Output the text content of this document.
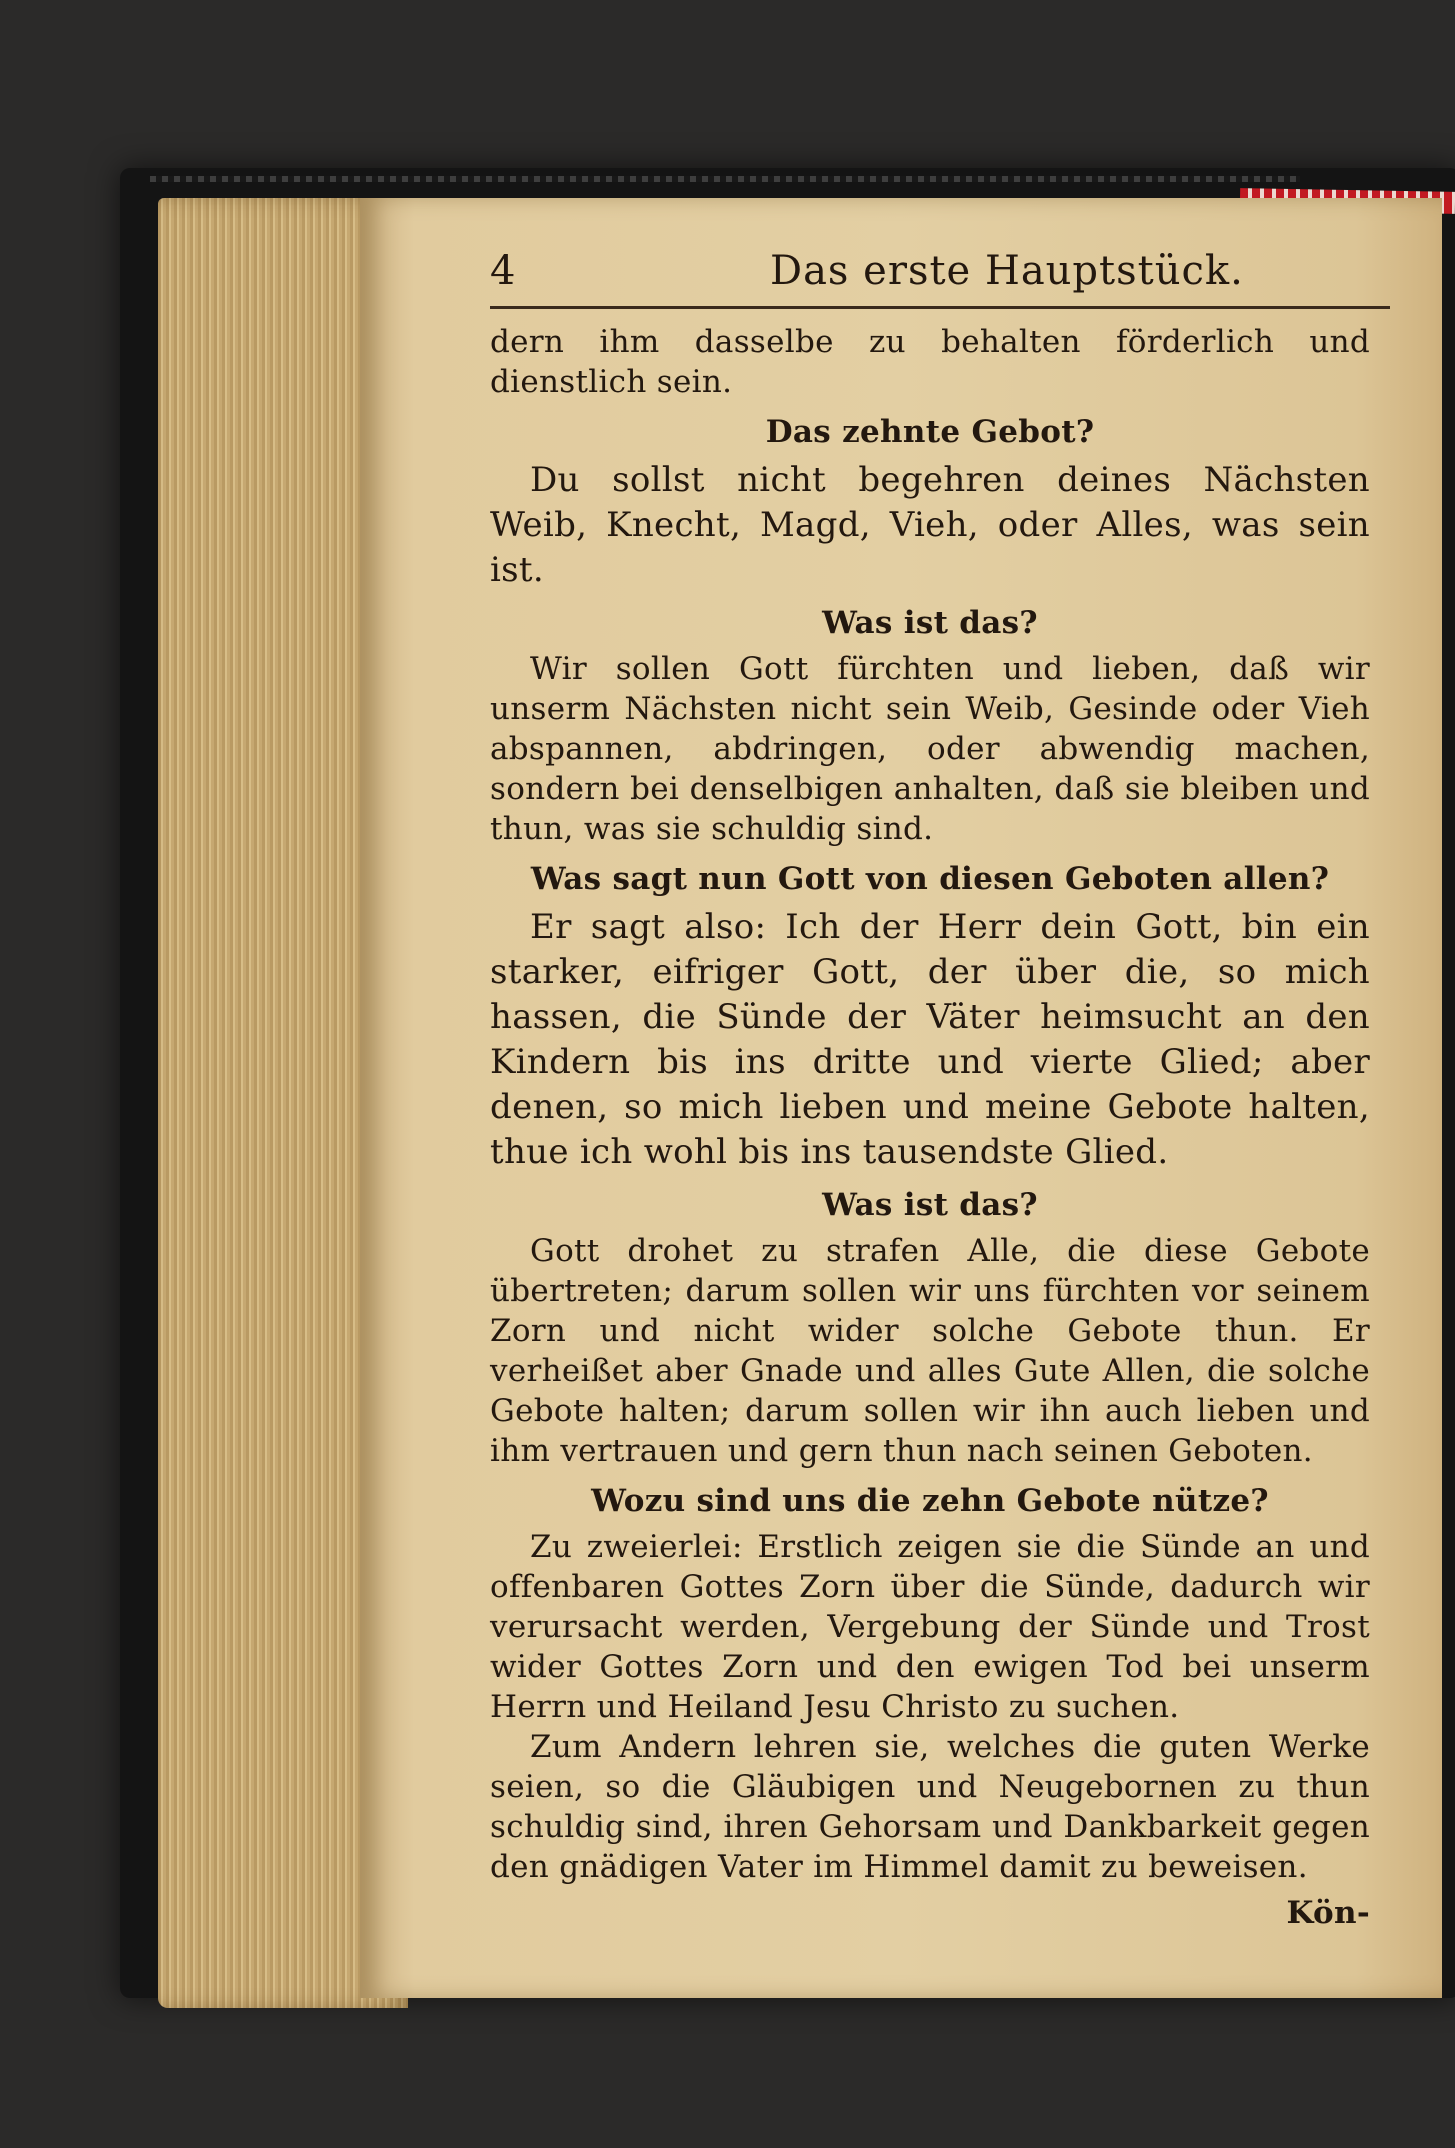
4	Das erste Hauptstück.

dern ihm dasselbe zu behalten förderlich und dienstlich sein.

Das zehnte Gebot?

Du sollst nicht begehren deines Nächsten Weib, Knecht, Magd, Vieh, oder Alles, was sein ist.

Was ist das?

Wir sollen Gott fürchten und lieben, daß wir unserm Nächsten nicht sein Weib, Gesinde oder Vieh abspannen, abdringen, oder abwendig machen, sondern bei denselbigen anhalten, daß sie bleiben und thun, was sie schuldig sind.

Was sagt nun Gott von diesen Geboten allen?

Er sagt also: Ich der Herr dein Gott, bin ein starker, eifriger Gott, der über die, so mich hassen, die Sünde der Väter heimsucht an den Kindern bis ins dritte und vierte Glied; aber denen, so mich lieben und meine Gebote halten, thue ich wohl bis ins tausendste Glied.

Was ist das?

Gott drohet zu strafen Alle, die diese Gebote übertreten; darum sollen wir uns fürchten vor seinem Zorn und nicht wider solche Gebote thun. Er verheißet aber Gnade und alles Gute Allen, die solche Gebote halten; darum sollen wir ihn auch lieben und ihm vertrauen und gern thun nach seinen Geboten.

Wozu sind uns die zehn Gebote nütze?

Zu zweierlei: Erstlich zeigen sie die Sünde an und offenbaren Gottes Zorn über die Sünde, dadurch wir verursacht werden, Vergebung der Sünde und Trost wider Gottes Zorn und den ewigen Tod bei unserm Herrn und Heiland Jesu Christo zu suchen.

Zum Andern lehren sie, welches die guten Werke seien, so die Gläubigen und Neugebornen zu thun schuldig sind, ihren Gehorsam und Dankbarkeit gegen den gnädigen Vater im Himmel damit zu beweisen.

Kön-
